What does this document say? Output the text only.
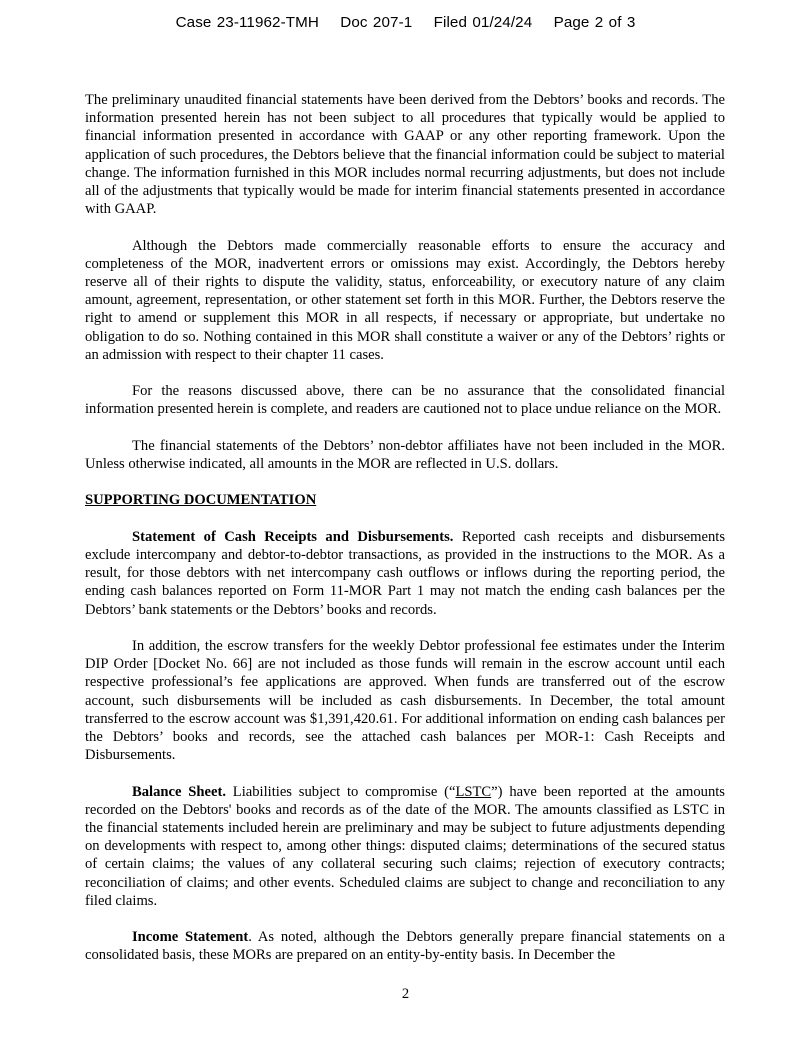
Case 23-11962-TMH Doc 207-1 Filed 01/24/24 Page 2 of 3

The preliminary unaudited financial statements have been derived from the Debtors’ books and records. The information presented herein has not been subject to all procedures that typically would be applied to financial information presented in accordance with GAAP or any other reporting framework. Upon the application of such procedures, the Debtors believe that the financial information could be subject to material change. The information furnished in this MOR includes normal recurring adjustments, but does not include all of the adjustments that typically would be made for interim financial statements presented in accordance with GAAP.

Although the Debtors made commercially reasonable efforts to ensure the accuracy and completeness of the MOR, inadvertent errors or omissions may exist. Accordingly, the Debtors hereby reserve all of their rights to dispute the validity, status, enforceability, or executory nature of any claim amount, agreement, representation, or other statement set forth in this MOR. Further, the Debtors reserve the right to amend or supplement this MOR in all respects, if necessary or appropriate, but undertake no obligation to do so. Nothing contained in this MOR shall constitute a waiver or any of the Debtors’ rights or an admission with respect to their chapter 11 cases.

For the reasons discussed above, there can be no assurance that the consolidated financial information presented herein is complete, and readers are cautioned not to place undue reliance on the MOR.

The financial statements of the Debtors’ non-debtor affiliates have not been included in the MOR. Unless otherwise indicated, all amounts in the MOR are reflected in U.S. dollars.

SUPPORTING DOCUMENTATION

Statement of Cash Receipts and Disbursements. Reported cash receipts and disbursements exclude intercompany and debtor-to-debtor transactions, as provided in the instructions to the MOR. As a result, for those debtors with net intercompany cash outflows or inflows during the reporting period, the ending cash balances reported on Form 11-MOR Part 1 may not match the ending cash balances per the Debtors’ bank statements or the Debtors’ books and records.

In addition, the escrow transfers for the weekly Debtor professional fee estimates under the Interim DIP Order [Docket No. 66] are not included as those funds will remain in the escrow account until each respective professional’s fee applications are approved. When funds are transferred out of the escrow account, such disbursements will be included as cash disbursements. In December, the total amount transferred to the escrow account was $1,391,420.61. For additional information on ending cash balances per the Debtors’ books and records, see the attached cash balances per MOR-1: Cash Receipts and Disbursements.

Balance Sheet. Liabilities subject to compromise (“LSTC”) have been reported at the amounts recorded on the Debtors' books and records as of the date of the MOR. The amounts classified as LSTC in the financial statements included herein are preliminary and may be subject to future adjustments depending on developments with respect to, among other things: disputed claims; determinations of the secured status of certain claims; the values of any collateral securing such claims; rejection of executory contracts; reconciliation of claims; and other events. Scheduled claims are subject to change and reconciliation to any filed claims.

Income Statement. As noted, although the Debtors generally prepare financial statements on a consolidated basis, these MORs are prepared on an entity-by-entity basis. In December the

2
